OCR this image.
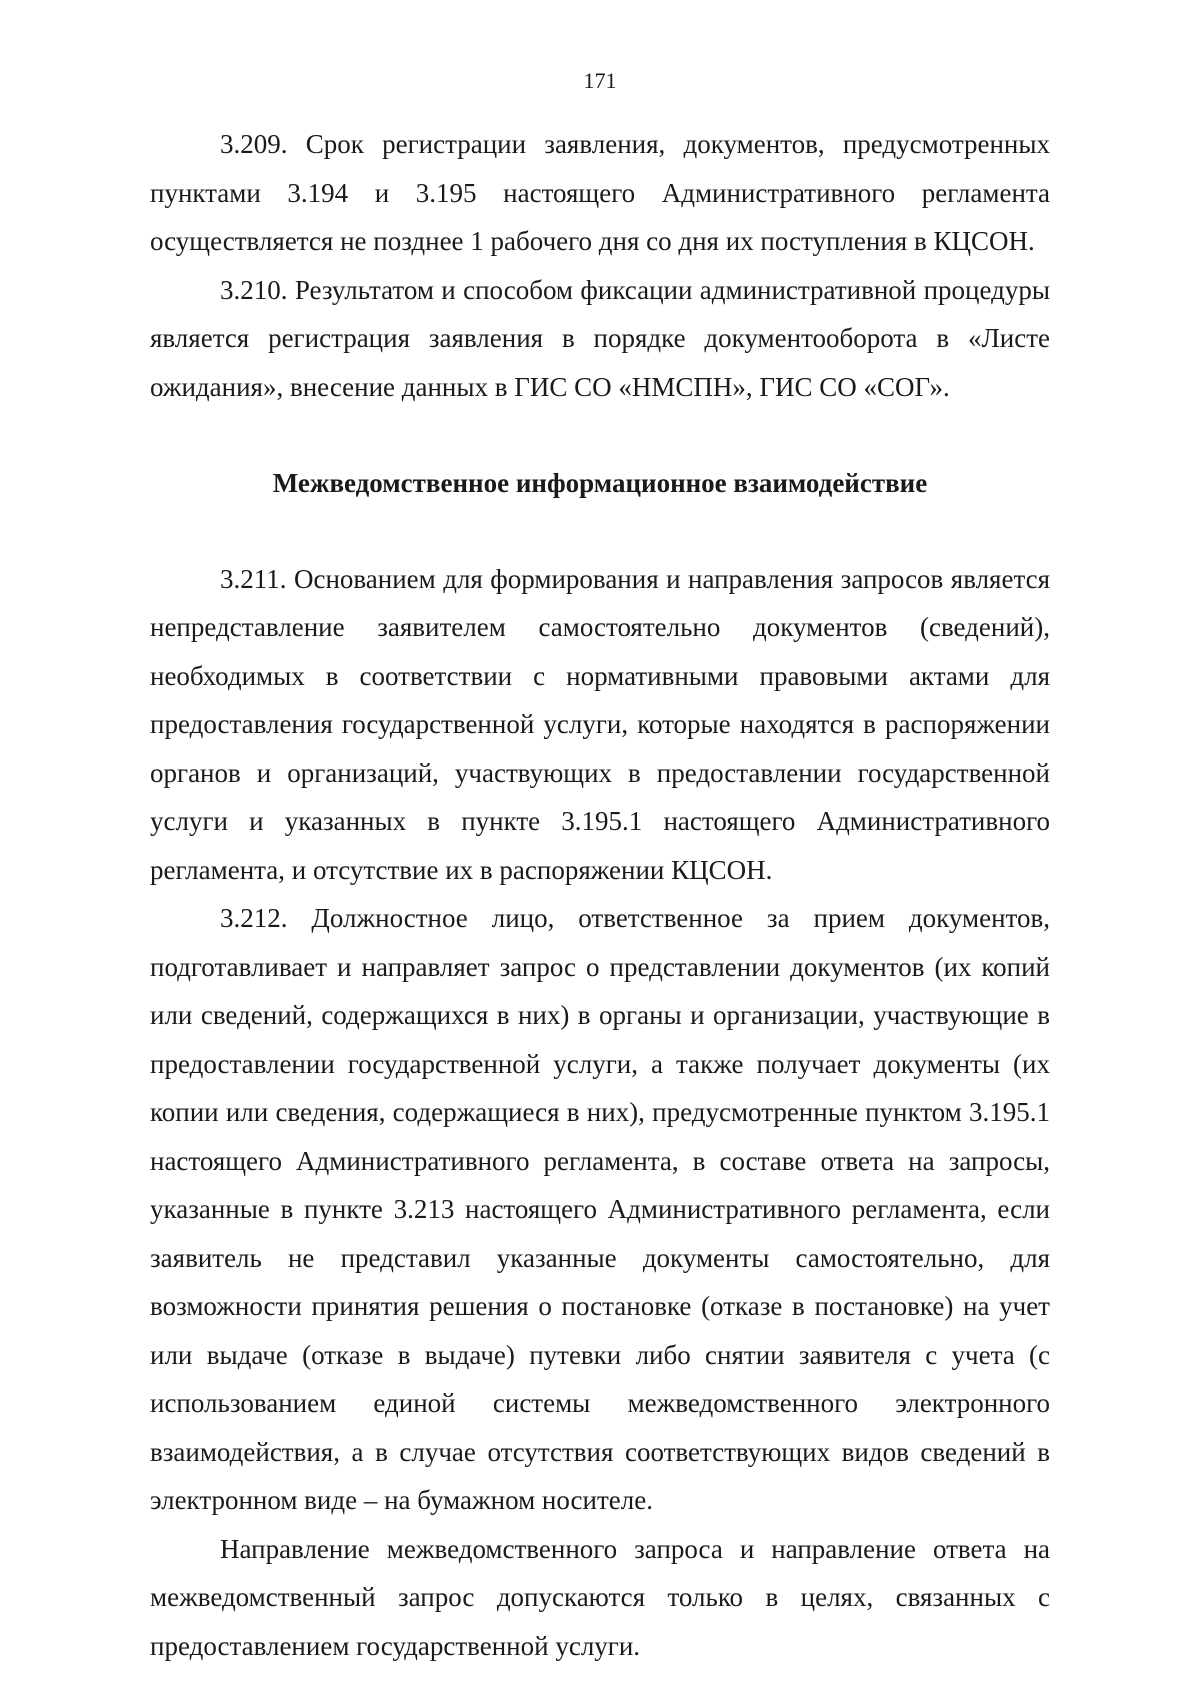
171

3.209. Срок регистрации заявления, документов, предусмотренных пунктами 3.194 и 3.195 настоящего Административного регламента осуществляется не позднее 1 рабочего дня со дня их поступления в КЦСОН.

3.210. Результатом и способом фиксации административной процедуры является регистрация заявления в порядке документооборота в «Листе ожидания», внесение данных в ГИС СО «НМСПН», ГИС СО «СОГ».

Межведомственное информационное взаимодействие

3.211. Основанием для формирования и направления запросов является непредставление заявителем самостоятельно документов (сведений), необходимых в соответствии с нормативными правовыми актами для предоставления государственной услуги, которые находятся в распоряжении органов и организаций, участвующих в предоставлении государственной услуги и указанных в пункте 3.195.1 настоящего Административного регламента, и отсутствие их в распоряжении КЦСОН.

3.212. Должностное лицо, ответственное за прием документов, подготавливает и направляет запрос о представлении документов (их копий или сведений, содержащихся в них) в органы и организации, участвующие в предоставлении государственной услуги, а также получает документы (их копии или сведения, содержащиеся в них), предусмотренные пунктом 3.195.1 настоящего Административного регламента, в составе ответа на запросы, указанные в пункте 3.213 настоящего Административного регламента, если заявитель не представил указанные документы самостоятельно, для возможности принятия решения о постановке (отказе в постановке) на учет или выдаче (отказе в выдаче) путевки либо снятии заявителя с учета (с использованием единой системы межведомственного электронного взаимодействия, а в случае отсутствия соответствующих видов сведений в электронном виде – на бумажном носителе.

Направление межведомственного запроса и направление ответа на межведомственный запрос допускаются только в целях, связанных с предоставлением государственной услуги.
